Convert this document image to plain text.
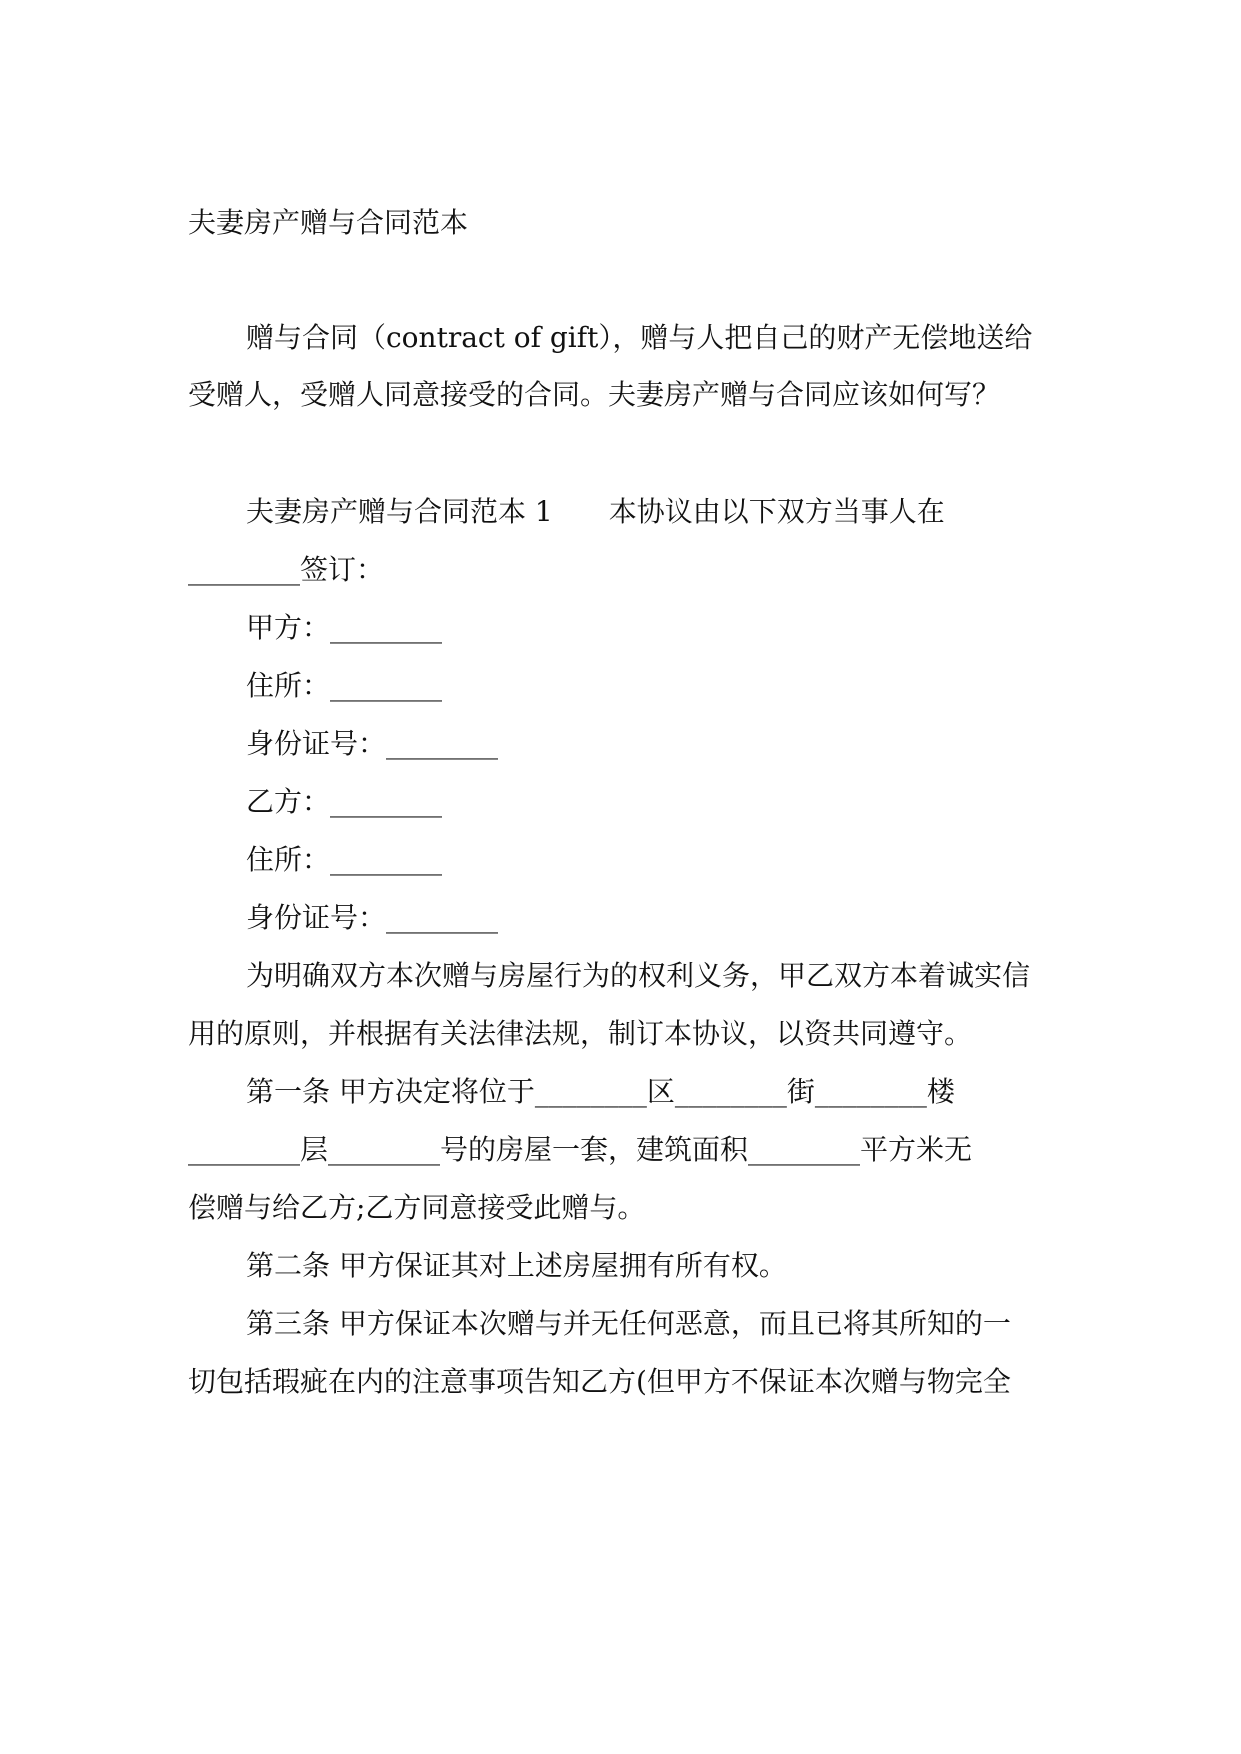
夫妻房产赠与合同范本
赠与合同（contract of gift），赠与人把自己的财产无偿地送给
受赠人，受赠人同意接受的合同。夫妻房产赠与合同应该如何写？
夫妻房产赠与合同范本 1　　本协议由以下双方当事人在
________签订：
甲方：________
住所：________
身份证号：________
乙方：________
住所：________
身份证号：________
为明确双方本次赠与房屋行为的权利义务，甲乙双方本着诚实信
用的原则，并根据有关法律法规，制订本协议，以资共同遵守。
第一条 甲方决定将位于________区________街________楼
________层________号的房屋一套，建筑面积________平方米无
偿赠与给乙方;乙方同意接受此赠与。
第二条 甲方保证其对上述房屋拥有所有权。
第三条 甲方保证本次赠与并无任何恶意，而且已将其所知的一
切包括瑕疵在内的注意事项告知乙方(但甲方不保证本次赠与物完全
